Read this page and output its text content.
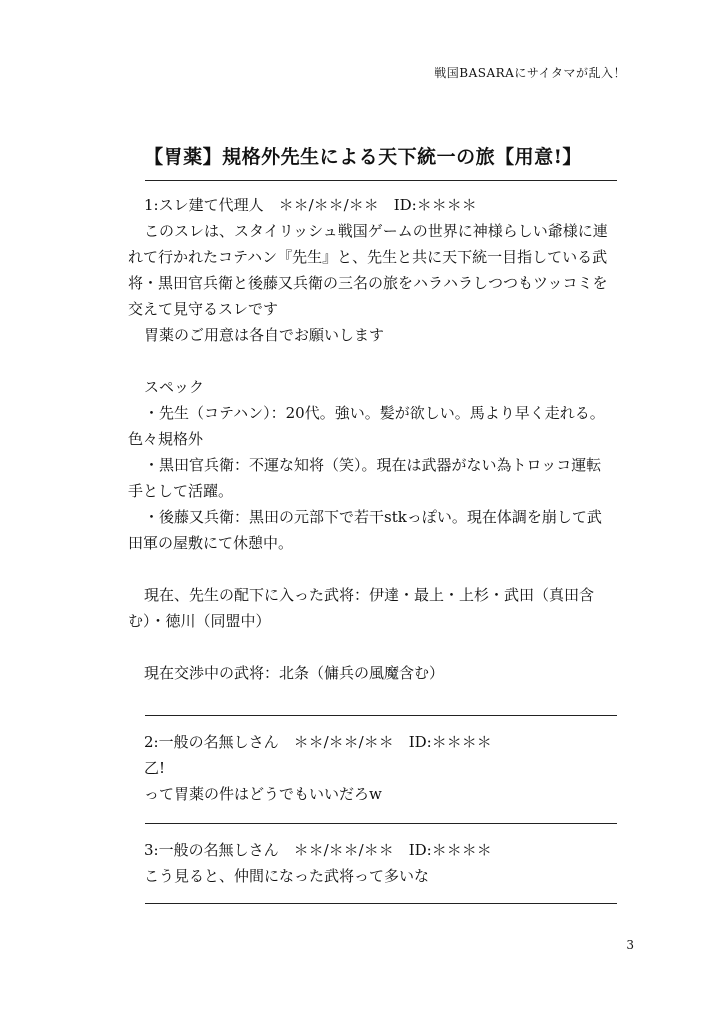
戦国BASARAにサイタマが乱入！
【胃薬】規格外先生による天下統一の旅【用意!】

1:スレ建て代理人　＊＊/＊＊/＊＊　ID:＊＊＊＊

このスレは、スタイリッシュ戦国ゲームの世界に神様らしい爺様に連

れて行かれたコテハン『先生』と、先生と共に天下統一目指している武

将・黒田官兵衛と後藤又兵衛の三名の旅をハラハラしつつもツッコミを

交えて見守るスレです

胃薬のご用意は各自でお願いします

スペック

・先生（コテハン）：20代。強い。髪が欲しい。馬より早く走れる。

色々規格外

・黒田官兵衛：不運な知将（笑）。現在は武器がない為トロッコ運転

手として活躍。

・後藤又兵衛：黒田の元部下で若干stkっぽい。現在体調を崩して武

田軍の屋敷にて休憩中。

現在、先生の配下に入った武将：伊達・最上・上杉・武田（真田含

む）・徳川（同盟中）

現在交渉中の武将：北条（傭兵の風魔含む）

2:一般の名無しさん　＊＊/＊＊/＊＊　ID:＊＊＊＊

乙!

って胃薬の件はどうでもいいだろw

3:一般の名無しさん　＊＊/＊＊/＊＊　ID:＊＊＊＊

こう見ると、仲間になった武将って多いな

3
